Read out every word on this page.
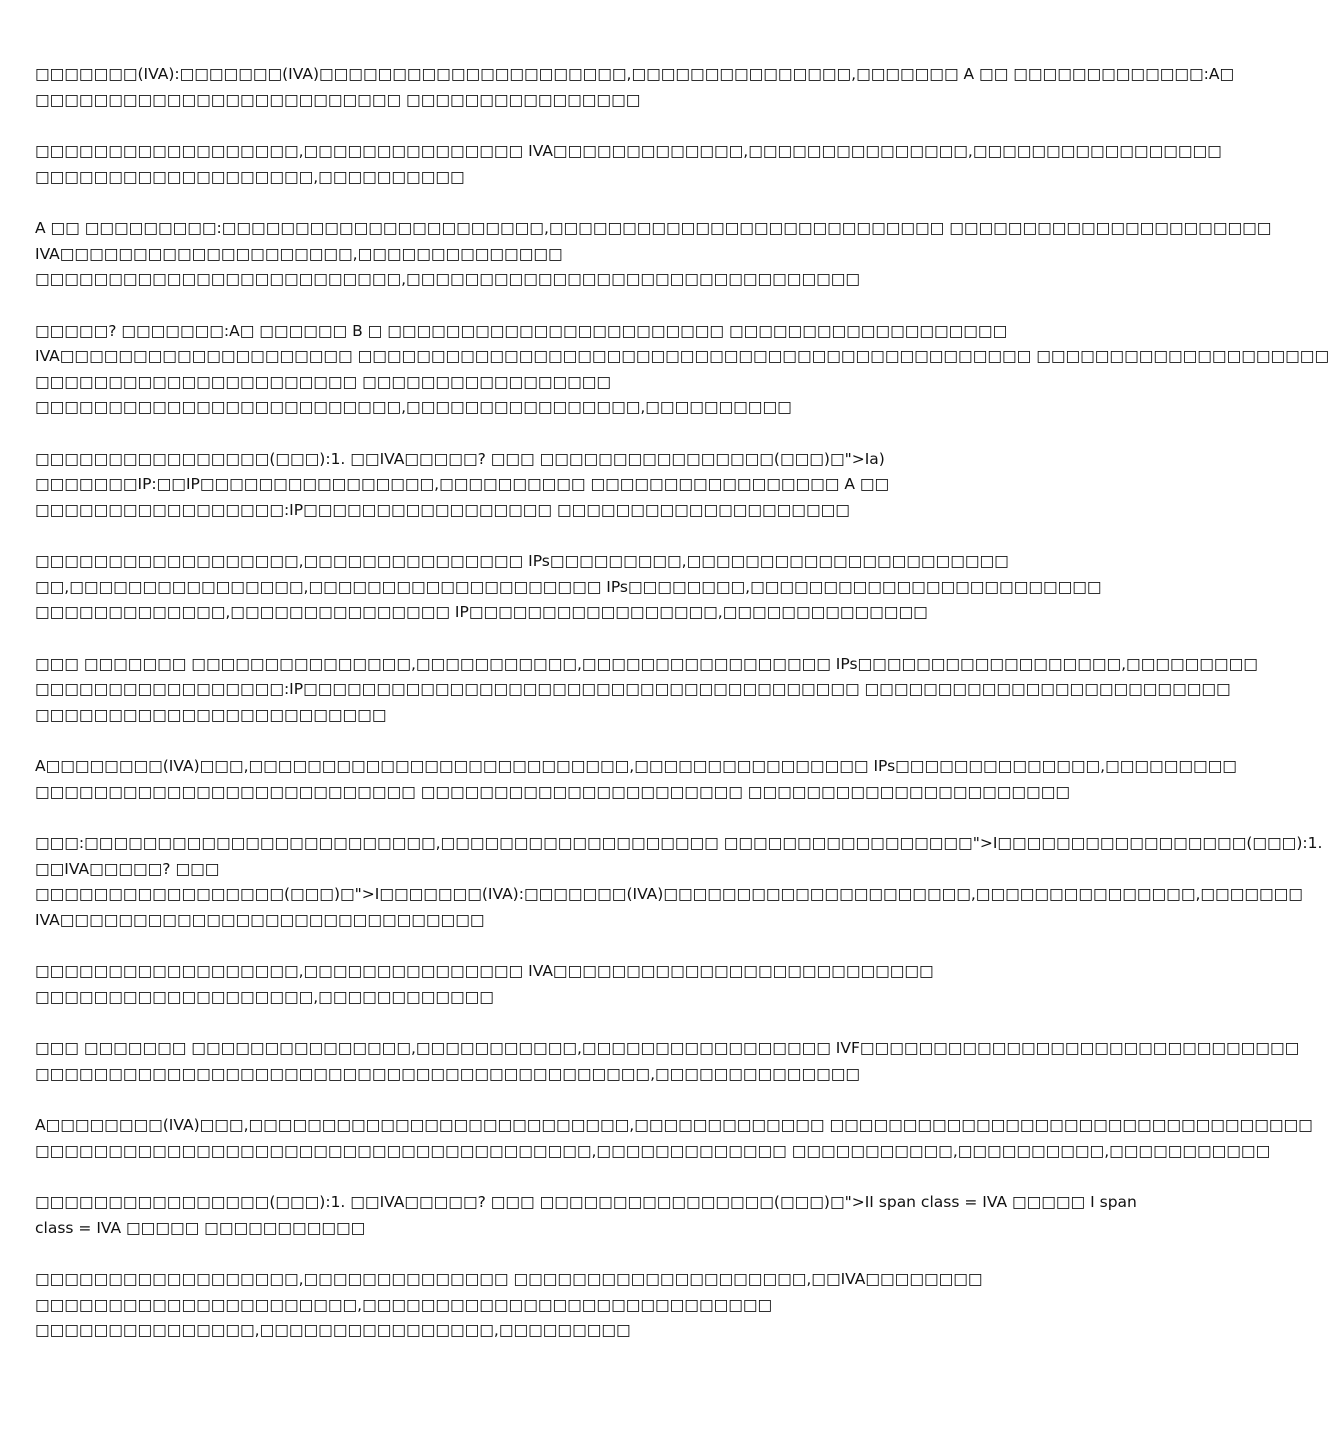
□□□□□□□(IVA):□□□□□□□(IVA)□□□□□□□□□□□□□□□□□□□□□,□□□□□□□□□□□□□□□,□□□□□□□ A □□ □□□□□□□□□□□□□:A□
□□□□□□□□□□□□□□□□□□□□□□□□□ □□□□□□□□□□□□□□□□

□□□□□□□□□□□□□□□□□□,□□□□□□□□□□□□□□□ IVA□□□□□□□□□□□□□,□□□□□□□□□□□□□□□,□□□□□□□□□□□□□□□□□
□□□□□□□□□□□□□□□□□□□,□□□□□□□□□□

A □□ □□□□□□□□□:□□□□□□□□□□□□□□□□□□□□□□,□□□□□□□□□□□□□□□□□□□□□□□□□□□ □□□□□□□□□□□□□□□□□□□□□□
IVA□□□□□□□□□□□□□□□□□□□□,□□□□□□□□□□□□□□
□□□□□□□□□□□□□□□□□□□□□□□□□,□□□□□□□□□□□□□□□□□□□□□□□□□□□□□□□

□□□□□? □□□□□□□:A□ □□□□□□ B □ □□□□□□□□□□□□□□□□□□□□□□□ □□□□□□□□□□□□□□□□□□□
IVA□□□□□□□□□□□□□□□□□□□□ □□□□□□□□□□□□□□□□□□□□□□□□□□□□□□□□□□□□□□□□□□□□□□ □□□□□□□□□□□□□□□□□□□□
□□□□□□□□□□□□□□□□□□□□□□ □□□□□□□□□□□□□□□□□
□□□□□□□□□□□□□□□□□□□□□□□□□,□□□□□□□□□□□□□□□□,□□□□□□□□□□

□□□□□□□□□□□□□□□□(□□□):1. □□IVA□□□□□? □□□ □□□□□□□□□□□□□□□□(□□□)□">Ia)
□□□□□□□IP:□□IP□□□□□□□□□□□□□□□□,□□□□□□□□□□ □□□□□□□□□□□□□□□□□ A □□
□□□□□□□□□□□□□□□□□:IP□□□□□□□□□□□□□□□□□ □□□□□□□□□□□□□□□□□□□□

□□□□□□□□□□□□□□□□□□,□□□□□□□□□□□□□□□ IPs□□□□□□□□□,□□□□□□□□□□□□□□□□□□□□□□
□□,□□□□□□□□□□□□□□□□,□□□□□□□□□□□□□□□□□□□□ IPs□□□□□□□□,□□□□□□□□□□□□□□□□□□□□□□□□
□□□□□□□□□□□□□,□□□□□□□□□□□□□□□ IP□□□□□□□□□□□□□□□□□,□□□□□□□□□□□□□□

□□□ □□□□□□□ □□□□□□□□□□□□□□□,□□□□□□□□□□□,□□□□□□□□□□□□□□□□□ IPs□□□□□□□□□□□□□□□□□□,□□□□□□□□□
□□□□□□□□□□□□□□□□□:IP□□□□□□□□□□□□□□□□□□□□□□□□□□□□□□□□□□□□□□ □□□□□□□□□□□□□□□□□□□□□□□□□
□□□□□□□□□□□□□□□□□□□□□□□□

A□□□□□□□□(IVA)□□□,□□□□□□□□□□□□□□□□□□□□□□□□□□,□□□□□□□□□□□□□□□□ IPs□□□□□□□□□□□□□□,□□□□□□□□□
□□□□□□□□□□□□□□□□□□□□□□□□□□ □□□□□□□□□□□□□□□□□□□□□□ □□□□□□□□□□□□□□□□□□□□□□

□□□:□□□□□□□□□□□□□□□□□□□□□□□□,□□□□□□□□□□□□□□□□□□□ □□□□□□□□□□□□□□□□□">I□□□□□□□□□□□□□□□□□(□□□):1.
□□IVA□□□□□? □□□
□□□□□□□□□□□□□□□□□(□□□)□">I□□□□□□□(IVA):□□□□□□□(IVA)□□□□□□□□□□□□□□□□□□□□□,□□□□□□□□□□□□□□□,□□□□□□□
IVA□□□□□□□□□□□□□□□□□□□□□□□□□□□□□

□□□□□□□□□□□□□□□□□□,□□□□□□□□□□□□□□□ IVA□□□□□□□□□□□□□□□□□□□□□□□□□□
□□□□□□□□□□□□□□□□□□□,□□□□□□□□□□□□

□□□ □□□□□□□ □□□□□□□□□□□□□□□,□□□□□□□□□□□,□□□□□□□□□□□□□□□□□ IVF□□□□□□□□□□□□□□□□□□□□□□□□□□□□□□
□□□□□□□□□□□□□□□□□□□□□□□□□□□□□□□□□□□□□□□□□□,□□□□□□□□□□□□□□

A□□□□□□□□(IVA)□□□,□□□□□□□□□□□□□□□□□□□□□□□□□□,□□□□□□□□□□□□□ □□□□□□□□□□□□□□□□□□□□□□□□□□□□□□□□□
□□□□□□□□□□□□□□□□□□□□□□□□□□□□□□□□□□□□□□,□□□□□□□□□□□□□ □□□□□□□□□□□,□□□□□□□□□□,□□□□□□□□□□□

□□□□□□□□□□□□□□□□(□□□):1. □□IVA□□□□□? □□□ □□□□□□□□□□□□□□□□(□□□)□">II span class = IVA □□□□□ I span
class = IVA □□□□□ □□□□□□□□□□□

□□□□□□□□□□□□□□□□□□,□□□□□□□□□□□□□□ □□□□□□□□□□□□□□□□□□□□,□□IVA□□□□□□□□
□□□□□□□□□□□□□□□□□□□□□□,□□□□□□□□□□□□□□□□□□□□□□□□□□□□
□□□□□□□□□□□□□□□,□□□□□□□□□□□□□□□□,□□□□□□□□□
